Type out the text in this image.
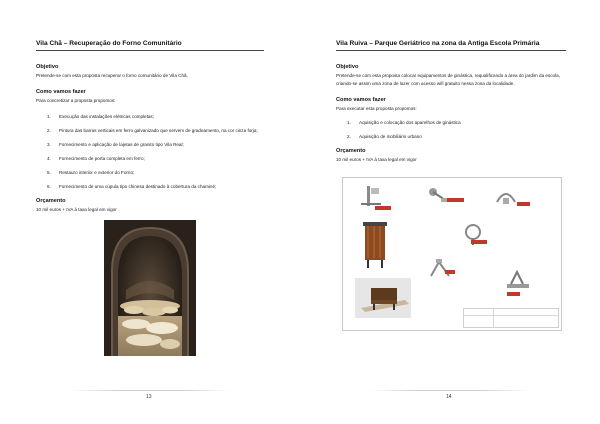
Vila Chã – Recuperação do Forno Comunitário
Objetivo
Pretende-se com esta proposta recuperar o forno comunitário de Vila Chã.
Como vamos fazer
Para concretizar a proposta propomos:
1. Execução das instalações elétricas completas;
2. Pintura das barras verticais em ferro galvanizado que servem de gradeamento, na cor cinza forja;
3. Fornecimento e aplicação de lajetas de granito tipo Vila Real;
4. Fornecimento de porta completa em ferro;
5. Restauro interior e exterior do Forno;
6. Fornecimento de uma cúpula tipo chinesa destinado à cobertura da chaminé;
Orçamento
10 mil euros + IVA à taxa legal em vigor
13
Vila Ruiva – Parque Geriátrico na zona da Antiga Escola Primária
Objetivo
Pretende-se com esta proposta colocar equipamentos de ginástica, requalificando a área do jardim da escola,
criando-se assim uma zona de lazer com acesso wifi gratuito nessa zona da localidade.
Como vamos fazer
Para executar esta proposta propomos:
1. Aquisição e colocação dos aparelhos de ginástica
2. Aquisição de mobiliário urbano
Orçamento
10 mil euros + IVA à taxa legal em vigor

14
